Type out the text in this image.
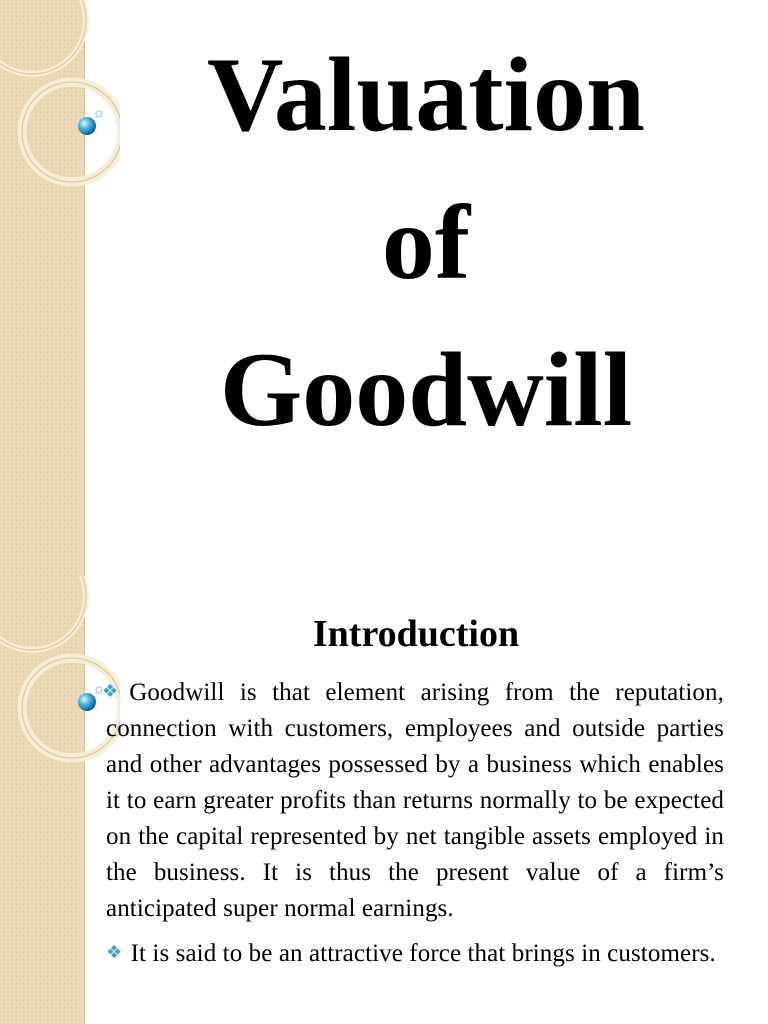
Valuation
of
Goodwill
Introduction

❖Goodwill is that element arising from the reputation, connection with customers, employees and outside parties and other advantages possessed by a business which enables it to earn greater profits than returns normally to be expected on the capital represented by net tangible assets employed in the business. It is thus the present value of a firm’s anticipated super normal earnings.

❖ It is said to be an attractive force that brings in customers.
